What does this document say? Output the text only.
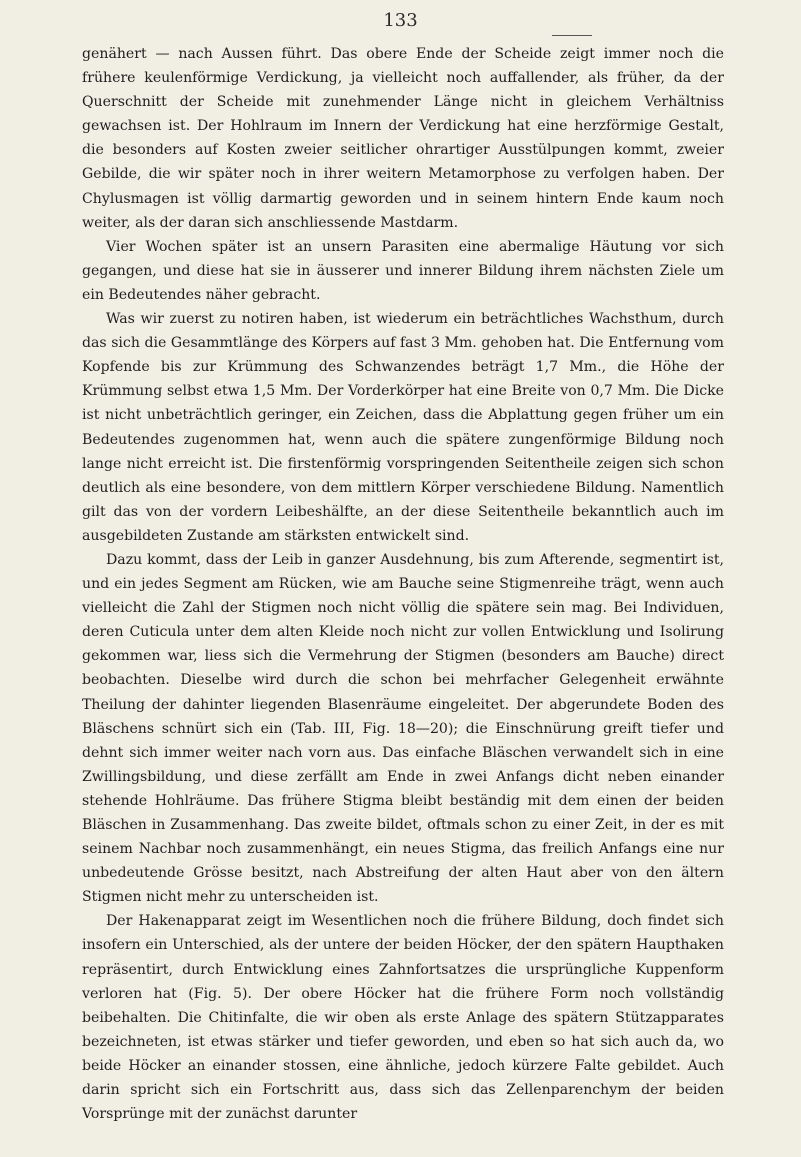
133

genähert — nach Aussen führt. Das obere Ende der Scheide zeigt immer noch die frühere keulenförmige Verdickung, ja vielleicht noch auffallender, als früher, da der Querschnitt der Scheide mit zunehmender Länge nicht in gleichem Verhältniss gewachsen ist. Der Hohlraum im Innern der Verdickung hat eine herzförmige Gestalt, die besonders auf Kosten zweier seitlicher ohrartiger Ausstülpungen kommt, zweier Gebilde, die wir später noch in ihrer weitern Metamorphose zu verfolgen haben. Der Chylusmagen ist völlig darmartig geworden und in seinem hintern Ende kaum noch weiter, als der daran sich anschliessende Mastdarm.

Vier Wochen später ist an unsern Parasiten eine abermalige Häutung vor sich gegangen, und diese hat sie in äusserer und innerer Bildung ihrem nächsten Ziele um ein Bedeutendes näher gebracht.

Was wir zuerst zu notiren haben, ist wiederum ein beträchtliches Wachsthum, durch das sich die Gesammtlänge des Körpers auf fast 3 Mm. gehoben hat. Die Entfernung vom Kopfende bis zur Krümmung des Schwanzendes beträgt 1,7 Mm., die Höhe der Krümmung selbst etwa 1,5 Mm. Der Vorderkörper hat eine Breite von 0,7 Mm. Die Dicke ist nicht unbeträchtlich geringer, ein Zeichen, dass die Abplattung gegen früher um ein Bedeutendes zugenommen hat, wenn auch die spätere zungenförmige Bildung noch lange nicht erreicht ist. Die firstenförmig vorspringenden Seitentheile zeigen sich schon deutlich als eine besondere, von dem mittlern Körper verschiedene Bildung. Namentlich gilt das von der vordern Leibeshälfte, an der diese Seitentheile bekanntlich auch im ausgebildeten Zustande am stärksten entwickelt sind.

Dazu kommt, dass der Leib in ganzer Ausdehnung, bis zum Afterende, segmentirt ist, und ein jedes Segment am Rücken, wie am Bauche seine Stigmenreihe trägt, wenn auch vielleicht die Zahl der Stigmen noch nicht völlig die spätere sein mag. Bei Individuen, deren Cuticula unter dem alten Kleide noch nicht zur vollen Entwicklung und Isolirung gekommen war, liess sich die Vermehrung der Stigmen (besonders am Bauche) direct beobachten. Dieselbe wird durch die schon bei mehrfacher Gelegenheit erwähnte Theilung der dahinter liegenden Blasenräume eingeleitet. Der abgerundete Boden des Bläschens schnürt sich ein (Tab. III, Fig. 18—20); die Einschnürung greift tiefer und dehnt sich immer weiter nach vorn aus. Das einfache Bläschen verwandelt sich in eine Zwillingsbildung, und diese zerfällt am Ende in zwei Anfangs dicht neben einander stehende Hohlräume. Das frühere Stigma bleibt beständig mit dem einen der beiden Bläschen in Zusammenhang. Das zweite bildet, oftmals schon zu einer Zeit, in der es mit seinem Nachbar noch zusammenhängt, ein neues Stigma, das freilich Anfangs eine nur unbedeutende Grösse besitzt, nach Abstreifung der alten Haut aber von den ältern Stigmen nicht mehr zu unterscheiden ist.

Der Hakenapparat zeigt im Wesentlichen noch die frühere Bildung, doch findet sich insofern ein Unterschied, als der untere der beiden Höcker, der den spätern Haupthaken repräsentirt, durch Entwicklung eines Zahnfortsatzes die ursprüngliche Kuppenform verloren hat (Fig. 5). Der obere Höcker hat die frühere Form noch vollständig beibehalten. Die Chitinfalte, die wir oben als erste Anlage des spätern Stützapparates bezeichneten, ist etwas stärker und tiefer geworden, und eben so hat sich auch da, wo beide Höcker an einander stossen, eine ähnliche, jedoch kürzere Falte gebildet. Auch darin spricht sich ein Fortschritt aus, dass sich das Zellenparenchym der beiden Vorsprünge mit der zunächst darunter
